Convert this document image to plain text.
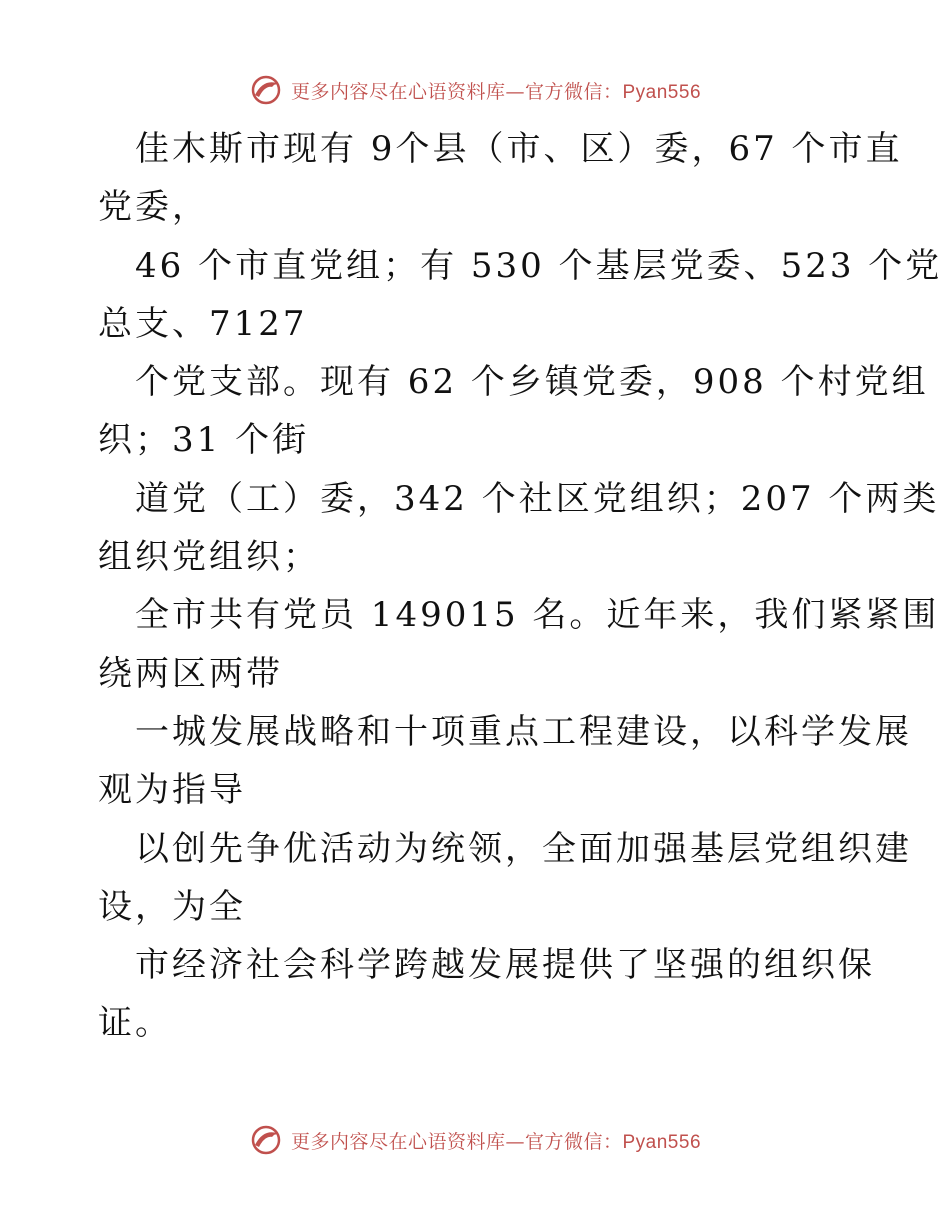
更多内容尽在心语资料库—官方微信：Pyan556
佳木斯市现有 9个县（市、区）委，67 个市直
党委，
46 个市直党组；有 530 个基层党委、523 个党
总支、7127
个党支部。现有 62 个乡镇党委，908 个村党组
织；31 个街
道党（工）委，342 个社区党组织；207 个两类
组织党组织；
全市共有党员 149015 名。近年来，我们紧紧围
绕两区两带
一城发展战略和十项重点工程建设，以科学发展
观为指导
以创先争优活动为统领，全面加强基层党组织建
设，为全
市经济社会科学跨越发展提供了坚强的组织保
证。
更多内容尽在心语资料库—官方微信：Pyan556
